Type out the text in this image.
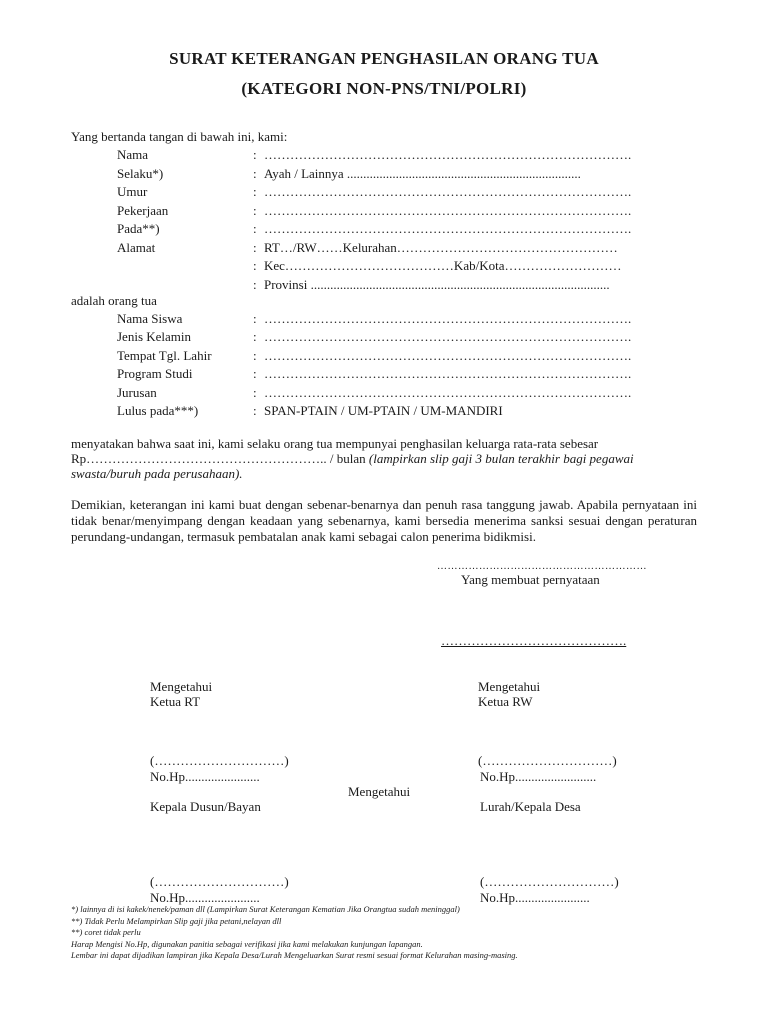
SURAT KETERANGAN PENGHASILAN ORANG TUA
(KATEGORI NON-PNS/TNI/POLRI)
Yang bertanda tangan di bawah ini, kami:
Nama	: ………………………………………………………………………….
Selaku*)	: Ayah / Lainnya ........................................................................
Umur	: ………………………………………………………………………….
Pekerjaan	: ………………………………………………………………………….
Pada**)	: ………………………………………………………………………….
Alamat	: RT…/RW……Kelurahan……………………………………………
: Kec…………………………………Kab/Kota………………………
: Provinsi ............................................................................................
adalah orang tua
Nama Siswa	: ………………………………………………………………………….
Jenis Kelamin	: ………………………………………………………………………….
Tempat Tgl. Lahir	: ………………………………………………………………………….
Program Studi	: ………………………………………………………………………….
Jurusan	: ………………………………………………………………………….
Lulus pada***)	: SPAN-PTAIN / UM-PTAIN / UM-MANDIRI
menyatakan bahwa saat ini, kami selaku orang tua mempunyai penghasilan keluarga rata-rata sebesar Rp……………………………………………….. / bulan (lampirkan slip gaji 3 bulan terakhir bagi pegawai swasta/buruh pada perusahaan).
Demikian, keterangan ini kami buat dengan sebenar-benarnya dan penuh rasa tanggung jawab. Apabila pernyataan ini tidak benar/menyimpang dengan keadaan yang sebenarnya, kami bersedia menerima sanksi sesuai dengan peraturan perundang-undangan, termasuk pembatalan anak kami sebagai calon penerima bidikmisi.
……………………………………………………
Yang membuat pernyataan
…………………………………….
Mengetahui
Ketua RT
Mengetahui
Ketua RW
(…………………………)
No.Hp.......................
(…………………………)
No.Hp.........................
Mengetahui
Kepala Dusun/Bayan	Lurah/Kepala Desa
(…………………………)
No.Hp.......................
(…………………………)
No.Hp.......................
*) lainnya di isi kakek/nenek/paman dll (Lampirkan Surat Keterangan Kematian Jika Orangtua sudah meninggal)
**) Tidak Perlu Melampirkan Slip gaji jika petani,nelayan dll
**) coret tidak perlu
Harap Mengisi No.Hp, digunakan panitia sebagai verifikasi jika kami melakukan kunjungan lapangan.
Lembar ini dapat dijadikan lampiran jika Kepala Desa/Lurah Mengeluarkan Surat resmi sesuai format Kelurahan masing-masing.
